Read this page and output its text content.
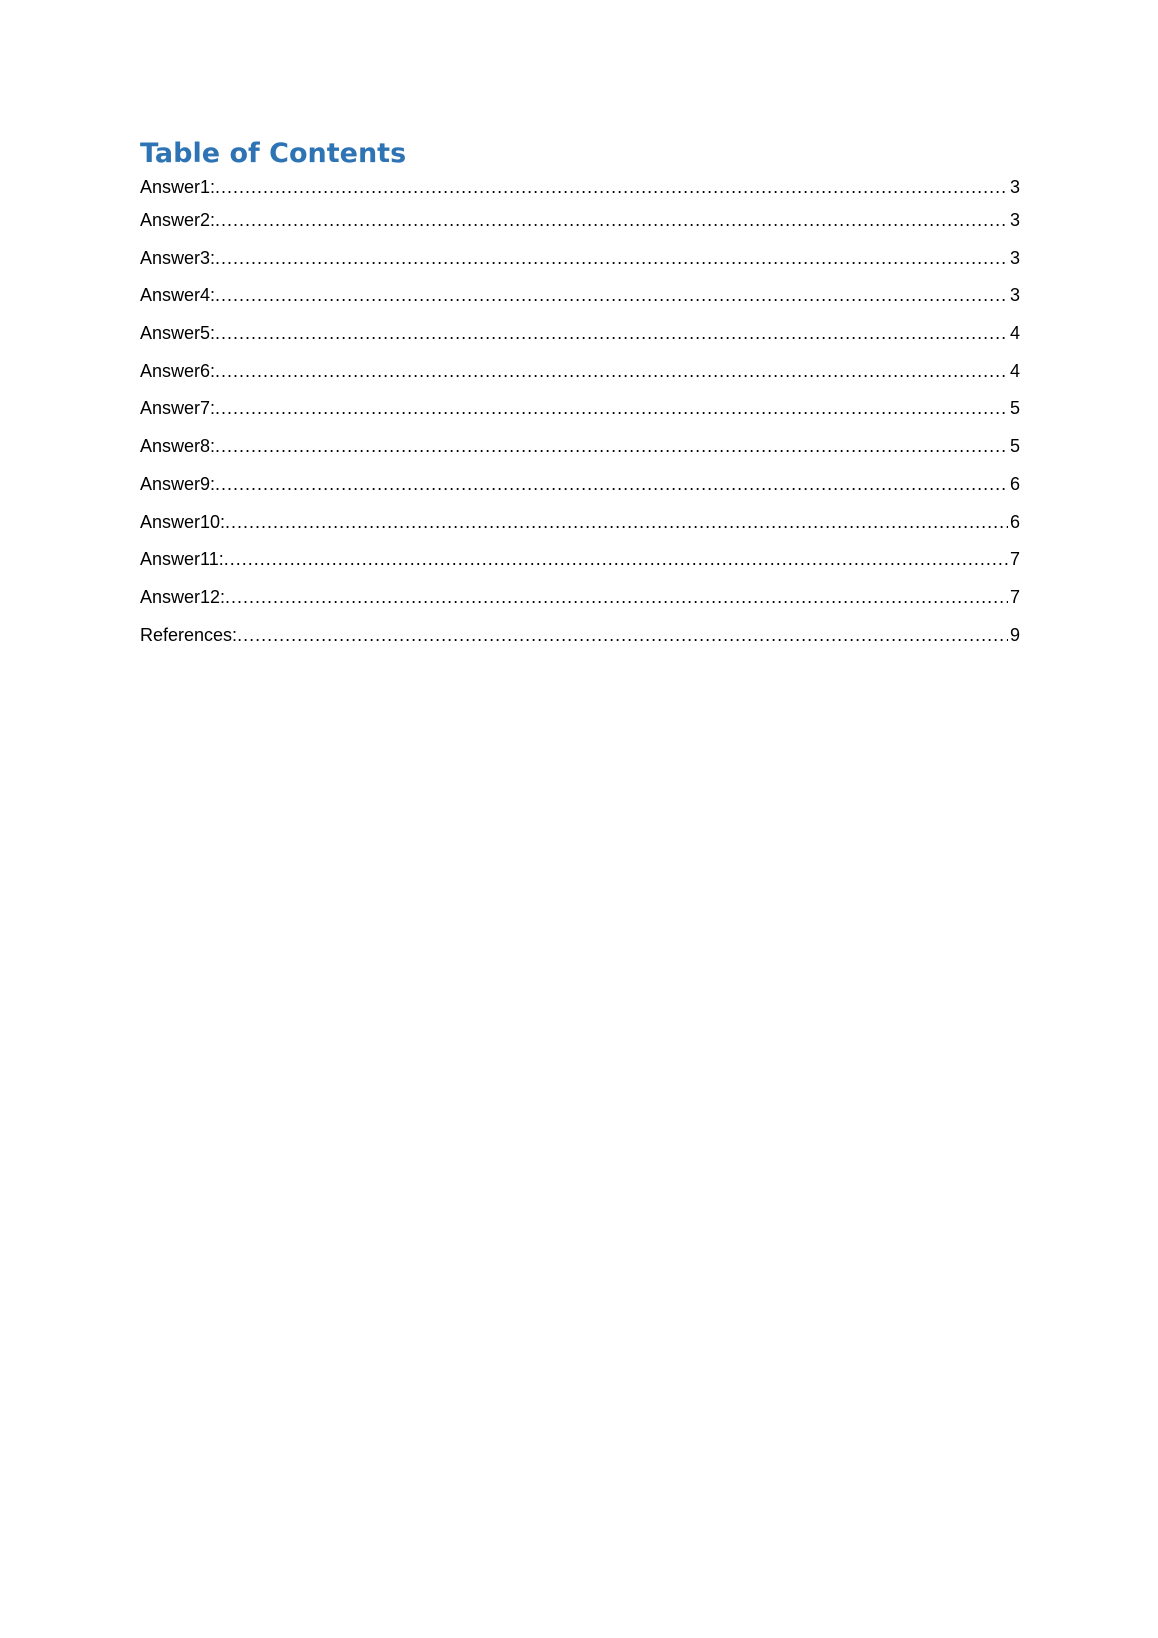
Table of Contents
Answer1: .....	3
Answer2: .....	3
Answer3: .....	3
Answer4: .....	3
Answer5: .....	4
Answer6: .....	4
Answer7: .....	5
Answer8: .....	5
Answer9: .....	6
Answer10: .....	6
Answer11: .....	7
Answer12: .....	7
References: .....	9
